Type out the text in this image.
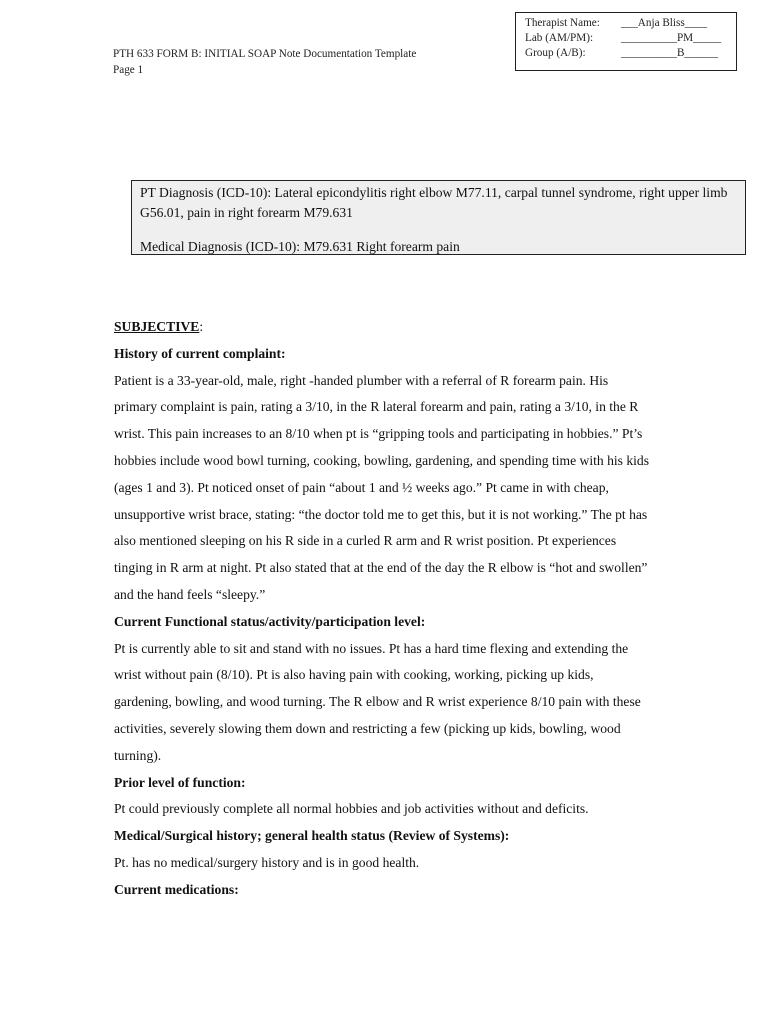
PTH 633 FORM B: INITIAL SOAP Note Documentation Template
Page 1
Therapist Name:	___Anja Bliss____
Lab (AM/PM):	__________PM_____
Group (A/B):	__________B______
PT Diagnosis (ICD-10): Lateral epicondylitis right elbow M77.11, carpal tunnel syndrome, right upper limb G56.01, pain in right forearm M79.631
Medical Diagnosis (ICD-10): M79.631 Right forearm pain

SUBJECTIVE:

History of current complaint:

Patient is a 33-year-old, male, right -handed plumber with a referral of R forearm pain. His primary complaint is pain, rating a 3/10, in the R lateral forearm and pain, rating a 3/10, in the R wrist. This pain increases to an 8/10 when pt is “gripping tools and participating in hobbies.” Pt’s hobbies include wood bowl turning, cooking, bowling, gardening, and spending time with his kids (ages 1 and 3). Pt noticed onset of pain “about 1 and ½ weeks ago.” Pt came in with cheap, unsupportive wrist brace, stating: “the doctor told me to get this, but it is not working.” The pt has also mentioned sleeping on his R side in a curled R arm and R wrist position. Pt experiences tinging in R arm at night. Pt also stated that at the end of the day the R elbow is “hot and swollen” and the hand feels “sleepy.”

Current Functional status/activity/participation level:

Pt is currently able to sit and stand with no issues. Pt has a hard time flexing and extending the wrist without pain (8/10). Pt is also having pain with cooking, working, picking up kids, gardening, bowling, and wood turning. The R elbow and R wrist experience 8/10 pain with these activities, severely slowing them down and restricting a few (picking up kids, bowling, wood turning).

Prior level of function:

Pt could previously complete all normal hobbies and job activities without and deficits.

Medical/Surgical history; general health status (Review of Systems):

Pt. has no medical/surgery history and is in good health.

Current medications:
